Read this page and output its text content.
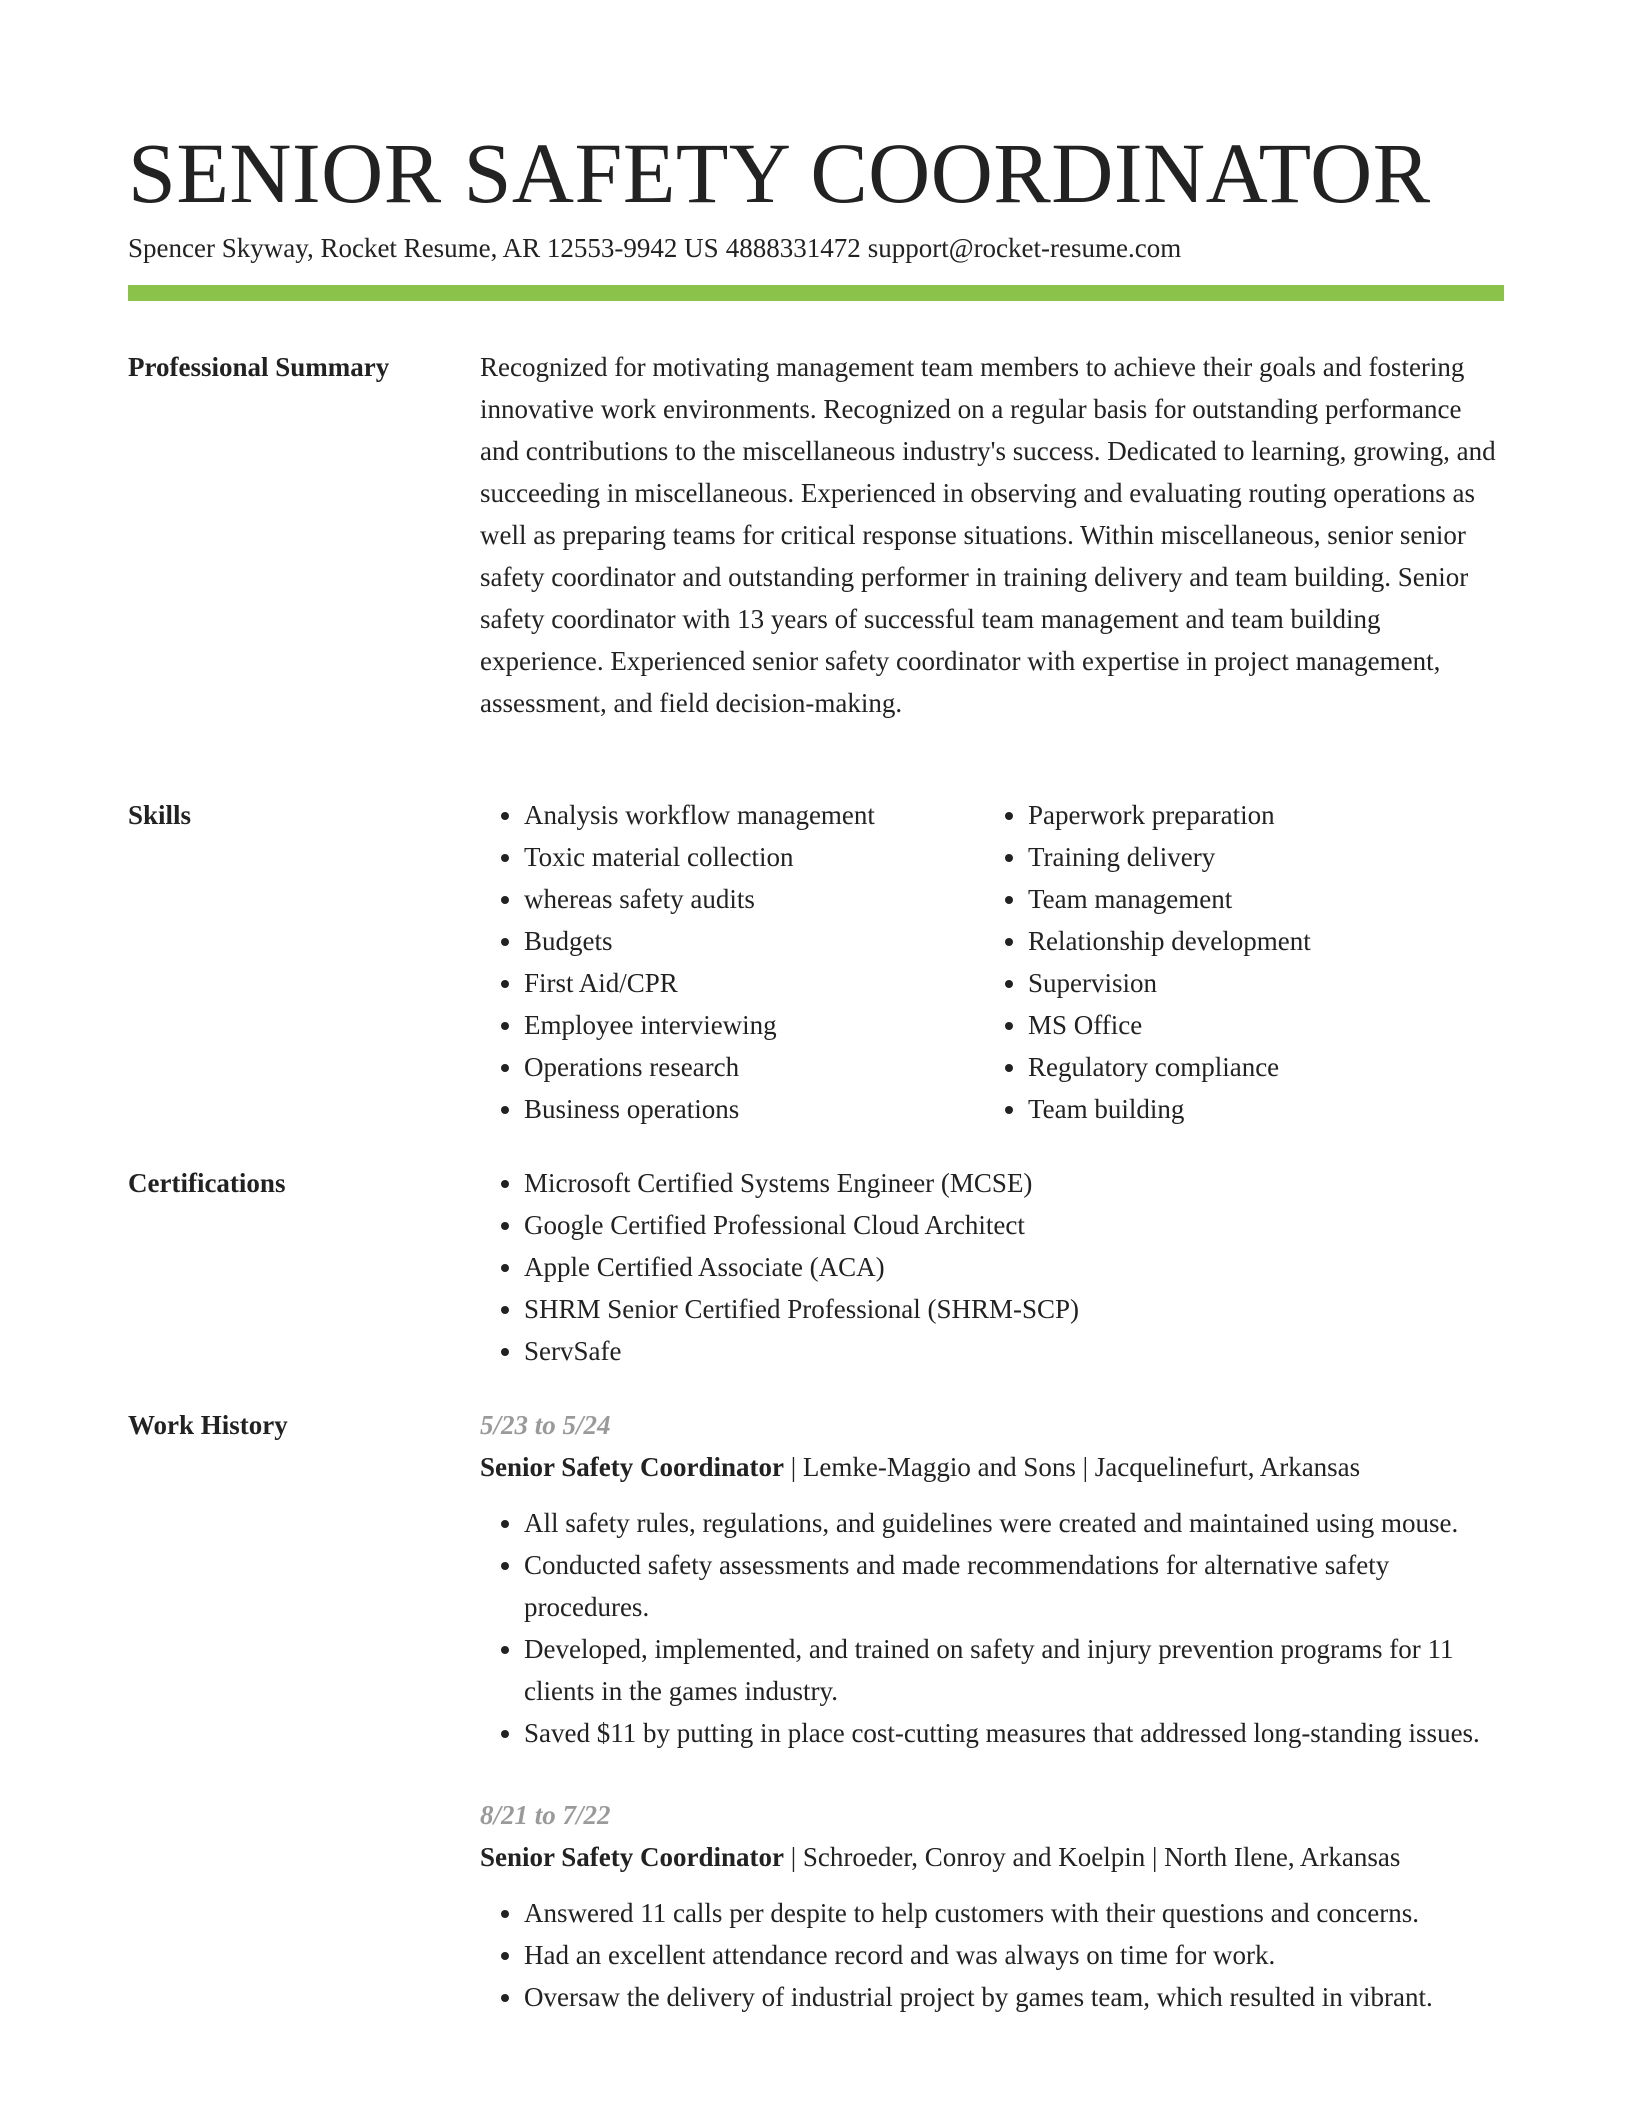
SENIOR SAFETY COORDINATOR
Spencer Skyway, Rocket Resume, AR 12553-9942 US 4888331472 support@rocket-resume.com
Professional Summary	Recognized for motivating management team members to achieve their goals and fostering innovative work environments. Recognized on a regular basis for outstanding performance and contributions to the miscellaneous industry's success. Dedicated to learning, growing, and succeeding in miscellaneous. Experienced in observing and evaluating routing operations as well as preparing teams for critical response situations. Within miscellaneous, senior senior safety coordinator and outstanding performer in training delivery and team building. Senior safety coordinator with 13 years of successful team management and team building experience. Experienced senior safety coordinator with expertise in project management, assessment, and field decision-making.

Skills	• Analysis workflow management
• Toxic material collection
• whereas safety audits
• Budgets
• First Aid/CPR
• Employee interviewing
• Operations research
• Business operations
• Paperwork preparation
• Training delivery
• Team management
• Relationship development
• Supervision
• MS Office
• Regulatory compliance
• Team building
Certifications	• Microsoft Certified Systems Engineer (MCSE)
• Google Certified Professional Cloud Architect
• Apple Certified Associate (ACA)
• SHRM Senior Certified Professional (SHRM-SCP)
• ServSafe
Work History	5/23 to 5/24
Senior Safety Coordinator | Lemke-Maggio and Sons | Jacquelinefurt, Arkansas
• All safety rules, regulations, and guidelines were created and maintained using mouse.
• Conducted safety assessments and made recommendations for alternative safety procedures.
• Developed, implemented, and trained on safety and injury prevention programs for 11 clients in the games industry.
• Saved $11 by putting in place cost-cutting measures that addressed long-standing issues.
8/21 to 7/22
Senior Safety Coordinator | Schroeder, Conroy and Koelpin | North Ilene, Arkansas
• Answered 11 calls per despite to help customers with their questions and concerns.
• Had an excellent attendance record and was always on time for work.
• Oversaw the delivery of industrial project by games team, which resulted in vibrant.
